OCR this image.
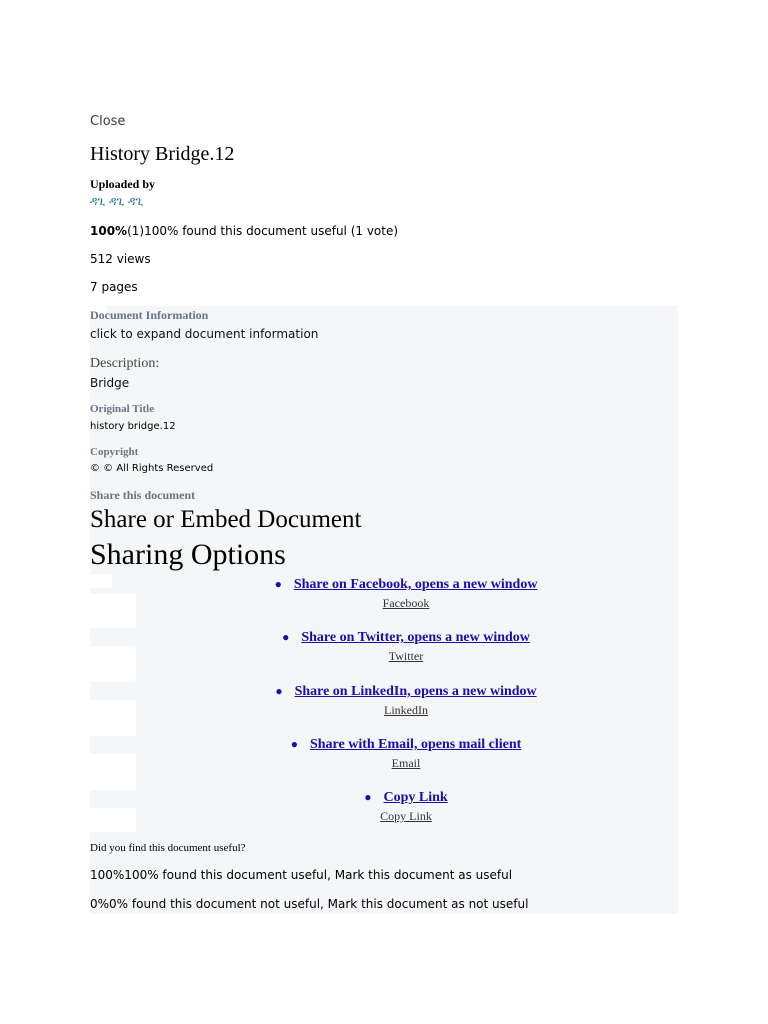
Close
History Bridge.12
Uploaded by
ዳጊ ዳጊ ዳጊ
100%(1)100% found this document useful (1 vote)
512 views
7 pages
Document Information
click to expand document information
Description:
Bridge
Original Title
history bridge.12
Copyright
© © All Rights Reserved
Share this document
Share or Embed Document
Sharing Options
● Share on Facebook, opens a new window
Facebook
● Share on Twitter, opens a new window
Twitter
● Share on LinkedIn, opens a new window
LinkedIn
● Share with Email, opens mail client
Email
● Copy Link
Copy Link
Did you find this document useful?
100%100% found this document useful, Mark this document as useful
0%0% found this document not useful, Mark this document as not useful
